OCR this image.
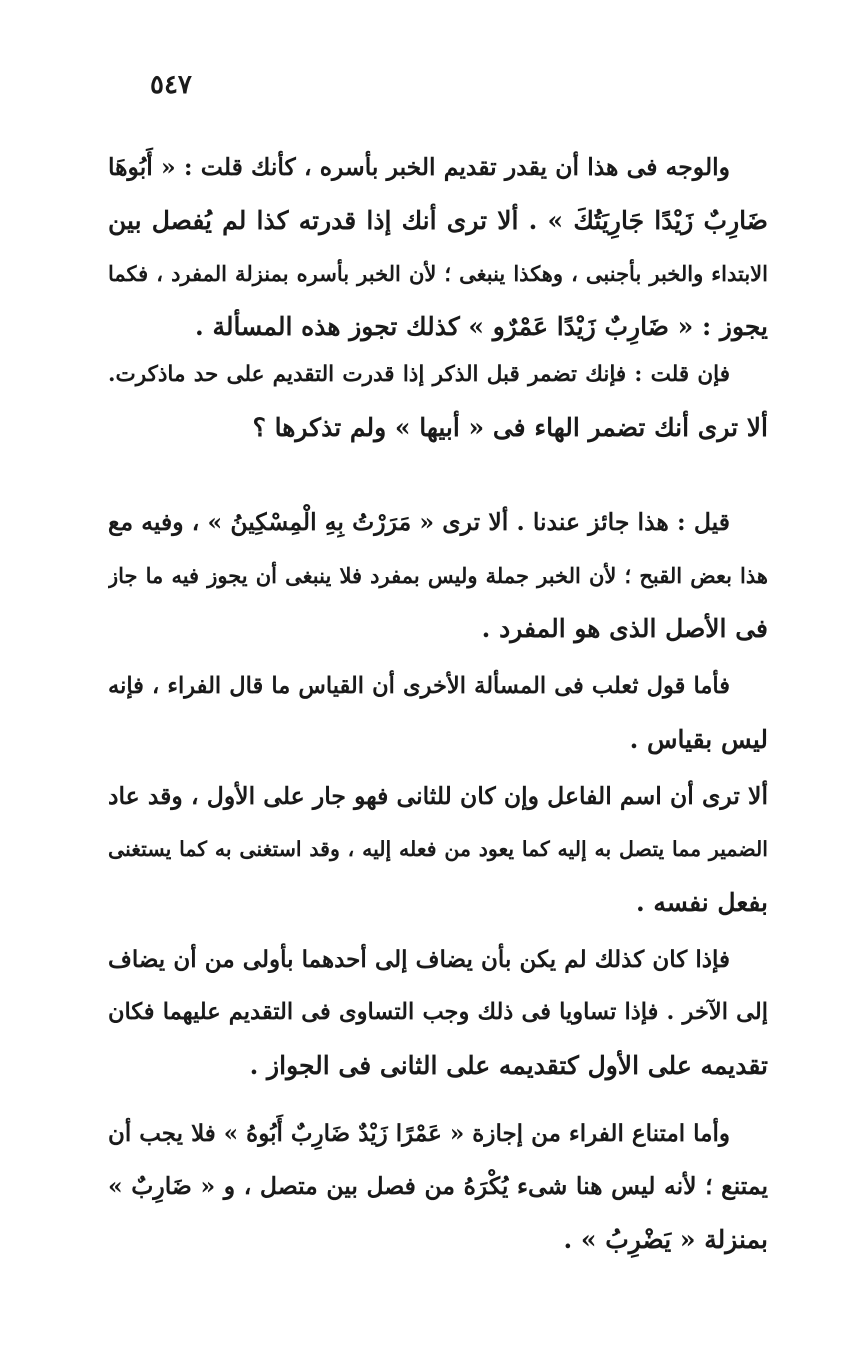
٥٤٧
والوجه فى هذا أن يقدر تقديم الخبر بأسره ، كأنك قلت : « أَبُوهَا
ضَارِبٌ زَيْدًا جَارِيَتُكَ » . ألا ترى أنك إذا قدرته كذا لم يُفصل بين
الابتداء والخبر بأجنبى ، وهكذا ينبغى ؛ لأن الخبر بأسره بمنزلة المفرد ، فكما
يجوز : « ضَارِبٌ زَيْدًا عَمْرٌو » كذلك تجوز هذه المسألة .
فإن قلت : فإنك تضمر قبل الذكر إذا قدرت التقديم على حد ماذكرت.
ألا ترى أنك تضمر الهاء فى « أبيها » ولم تذكرها ؟
قيل : هذا جائز عندنا . ألا ترى « مَرَرْتُ بِهِ الْمِسْكِينُ » ، وفيه مع
هذا بعض القبح ؛ لأن الخبر جملة وليس بمفرد فلا ينبغى أن يجوز فيه ما جاز
فى الأصل الذى هو المفرد .
فأما قول ثعلب فى المسألة الأخرى أن القياس ما قال الفراء ، فإنه
ليس بقياس .
ألا ترى أن اسم الفاعل وإن كان للثانى فهو جار على الأول ، وقد عاد
الضمير مما يتصل به إليه كما يعود من فعله إليه ، وقد استغنى به كما يستغنى
بفعل نفسه .
فإذا كان كذلك لم يكن بأن يضاف إلى أحدهما بأولى من أن يضاف
إلى الآخر . فإذا تساويا فى ذلك وجب التساوى فى التقديم عليهما فكان
تقديمه على الأول كتقديمه على الثانى فى الجواز .
وأما امتناع الفراء من إجازة « عَمْرًا زَيْدٌ ضَارِبٌ أَبُوهُ » فلا يجب أن
يمتنع ؛ لأنه ليس هنا شىء يُكْرَهُ من فصل بين متصل ، و « ضَارِبٌ »
بمنزلة « يَضْرِبُ » .
